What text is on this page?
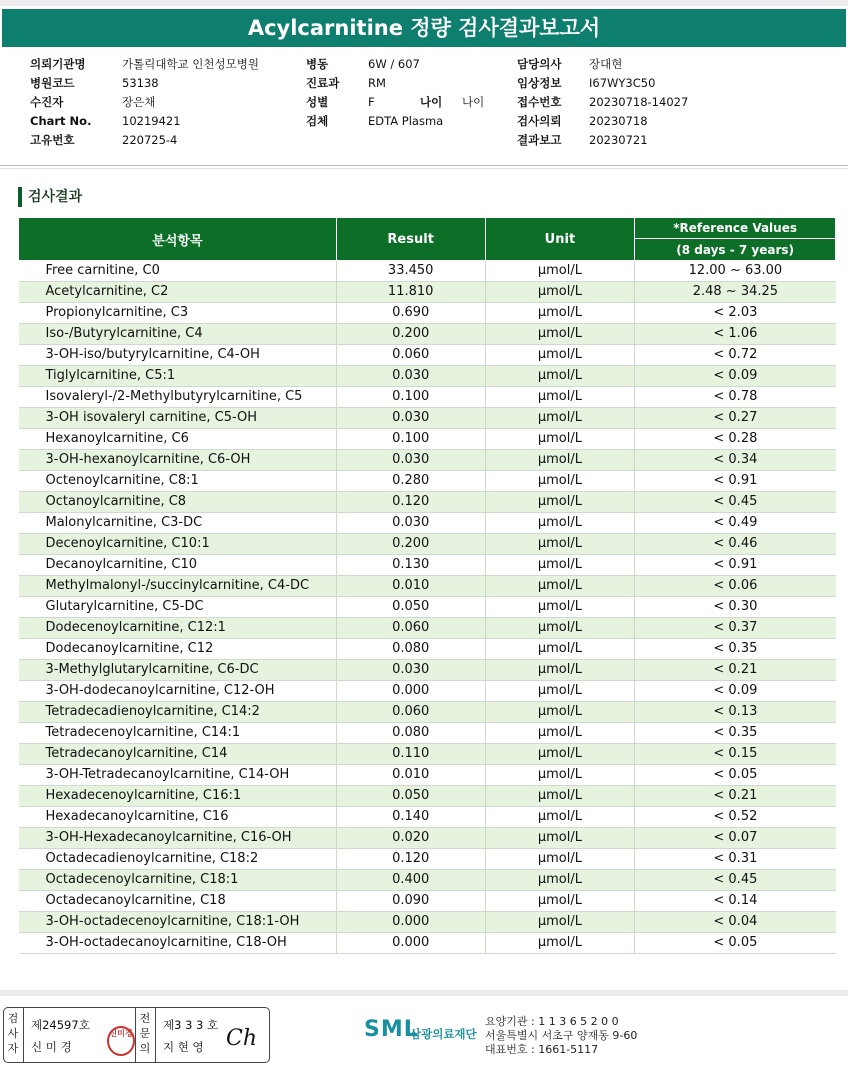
Acylcarnitine 정량 검사결과보고서
의뢰기관명	가톨릭대학교 인천성모병원
병원코드	53138
수진자	장은채
Chart No.	10219421
고유번호	220725-4
병동	6W / 607
진료과 RM
성별	F	나이 나이
검체	EDTA Plasma
담당의사 장대현
임상정보 I67WY3C50
접수번호 20230718-14027
검사의뢰 20230718
결과보고 20230721
검사결과
분석항목	Result	Unit	*Reference Values
			(8 days - 7 years)
Free carnitine, C0	33.450	μmol/L	12.00 ~ 63.00
Acetylcarnitine, C2	11.810	μmol/L	2.48 ~ 34.25
Propionylcarnitine, C3	0.690	μmol/L	< 2.03
Iso-/Butyrylcarnitine, C4	0.200	μmol/L	< 1.06
3-OH-iso/butyrylcarnitine, C4-OH	0.060	μmol/L	< 0.72
Tiglylcarnitine, C5:1	0.030	μmol/L	< 0.09
Isovaleryl-/2-Methylbutyrylcarnitine, C5	0.100	μmol/L	< 0.78
3-OH isovaleryl carnitine, C5-OH	0.030	μmol/L	< 0.27
Hexanoylcarnitine, C6	0.100	μmol/L	< 0.28
3-OH-hexanoylcarnitine, C6-OH	0.030	μmol/L	< 0.34
Octenoylcarnitine, C8:1	0.280	μmol/L	< 0.91
Octanoylcarnitine, C8	0.120	μmol/L	< 0.45
Malonylcarnitine, C3-DC	0.030	μmol/L	< 0.49
Decenoylcarnitine, C10:1	0.200	μmol/L	< 0.46
Decanoylcarnitine, C10	0.130	μmol/L	< 0.91
Methylmalonyl-/succinylcarnitine, C4-DC	0.010	μmol/L	< 0.06
Glutarylcarnitine, C5-DC	0.050	μmol/L	< 0.30
Dodecenoylcarnitine, C12:1	0.060	μmol/L	< 0.37
Dodecanoylcarnitine, C12	0.080	μmol/L	< 0.35
3-Methylglutarylcarnitine, C6-DC	0.030	μmol/L	< 0.21
3-OH-dodecanoylcarnitine, C12-OH	0.000	μmol/L	< 0.09
Tetradecadienoylcarnitine, C14:2	0.060	μmol/L	< 0.13
Tetradecenoylcarnitine, C14:1	0.080	μmol/L	< 0.35
Tetradecanoylcarnitine, C14	0.110	μmol/L	< 0.15
3-OH-Tetradecanoylcarnitine, C14-OH	0.010	μmol/L	< 0.05
Hexadecenoylcarnitine, C16:1	0.050	μmol/L	< 0.21
Hexadecanoylcarnitine, C16	0.140	μmol/L	< 0.52
3-OH-Hexadecanoylcarnitine, C16-OH	0.020	μmol/L	< 0.07
Octadecadienoylcarnitine, C18:2	0.120	μmol/L	< 0.31
Octadecenoylcarnitine, C18:1	0.400	μmol/L	< 0.45
Octadecanoylcarnitine, C18	0.090	μmol/L	< 0.14
3-OH-octadecenoylcarnitine, C18:1-OH	0.000	μmol/L	< 0.04
3-OH-octadecanoylcarnitine, C18-OH	0.000	μmol/L	< 0.05
검사자
제24597호
신 미 경
신미경
전문의
제3 3 3 호
지 현 영 Ch	SML
삼광의료재단
요양기관 : 1 1 3 6 5 2 0 0
서울특별시 서초구 양재동 9-60
대표번호 : 1661-5117
